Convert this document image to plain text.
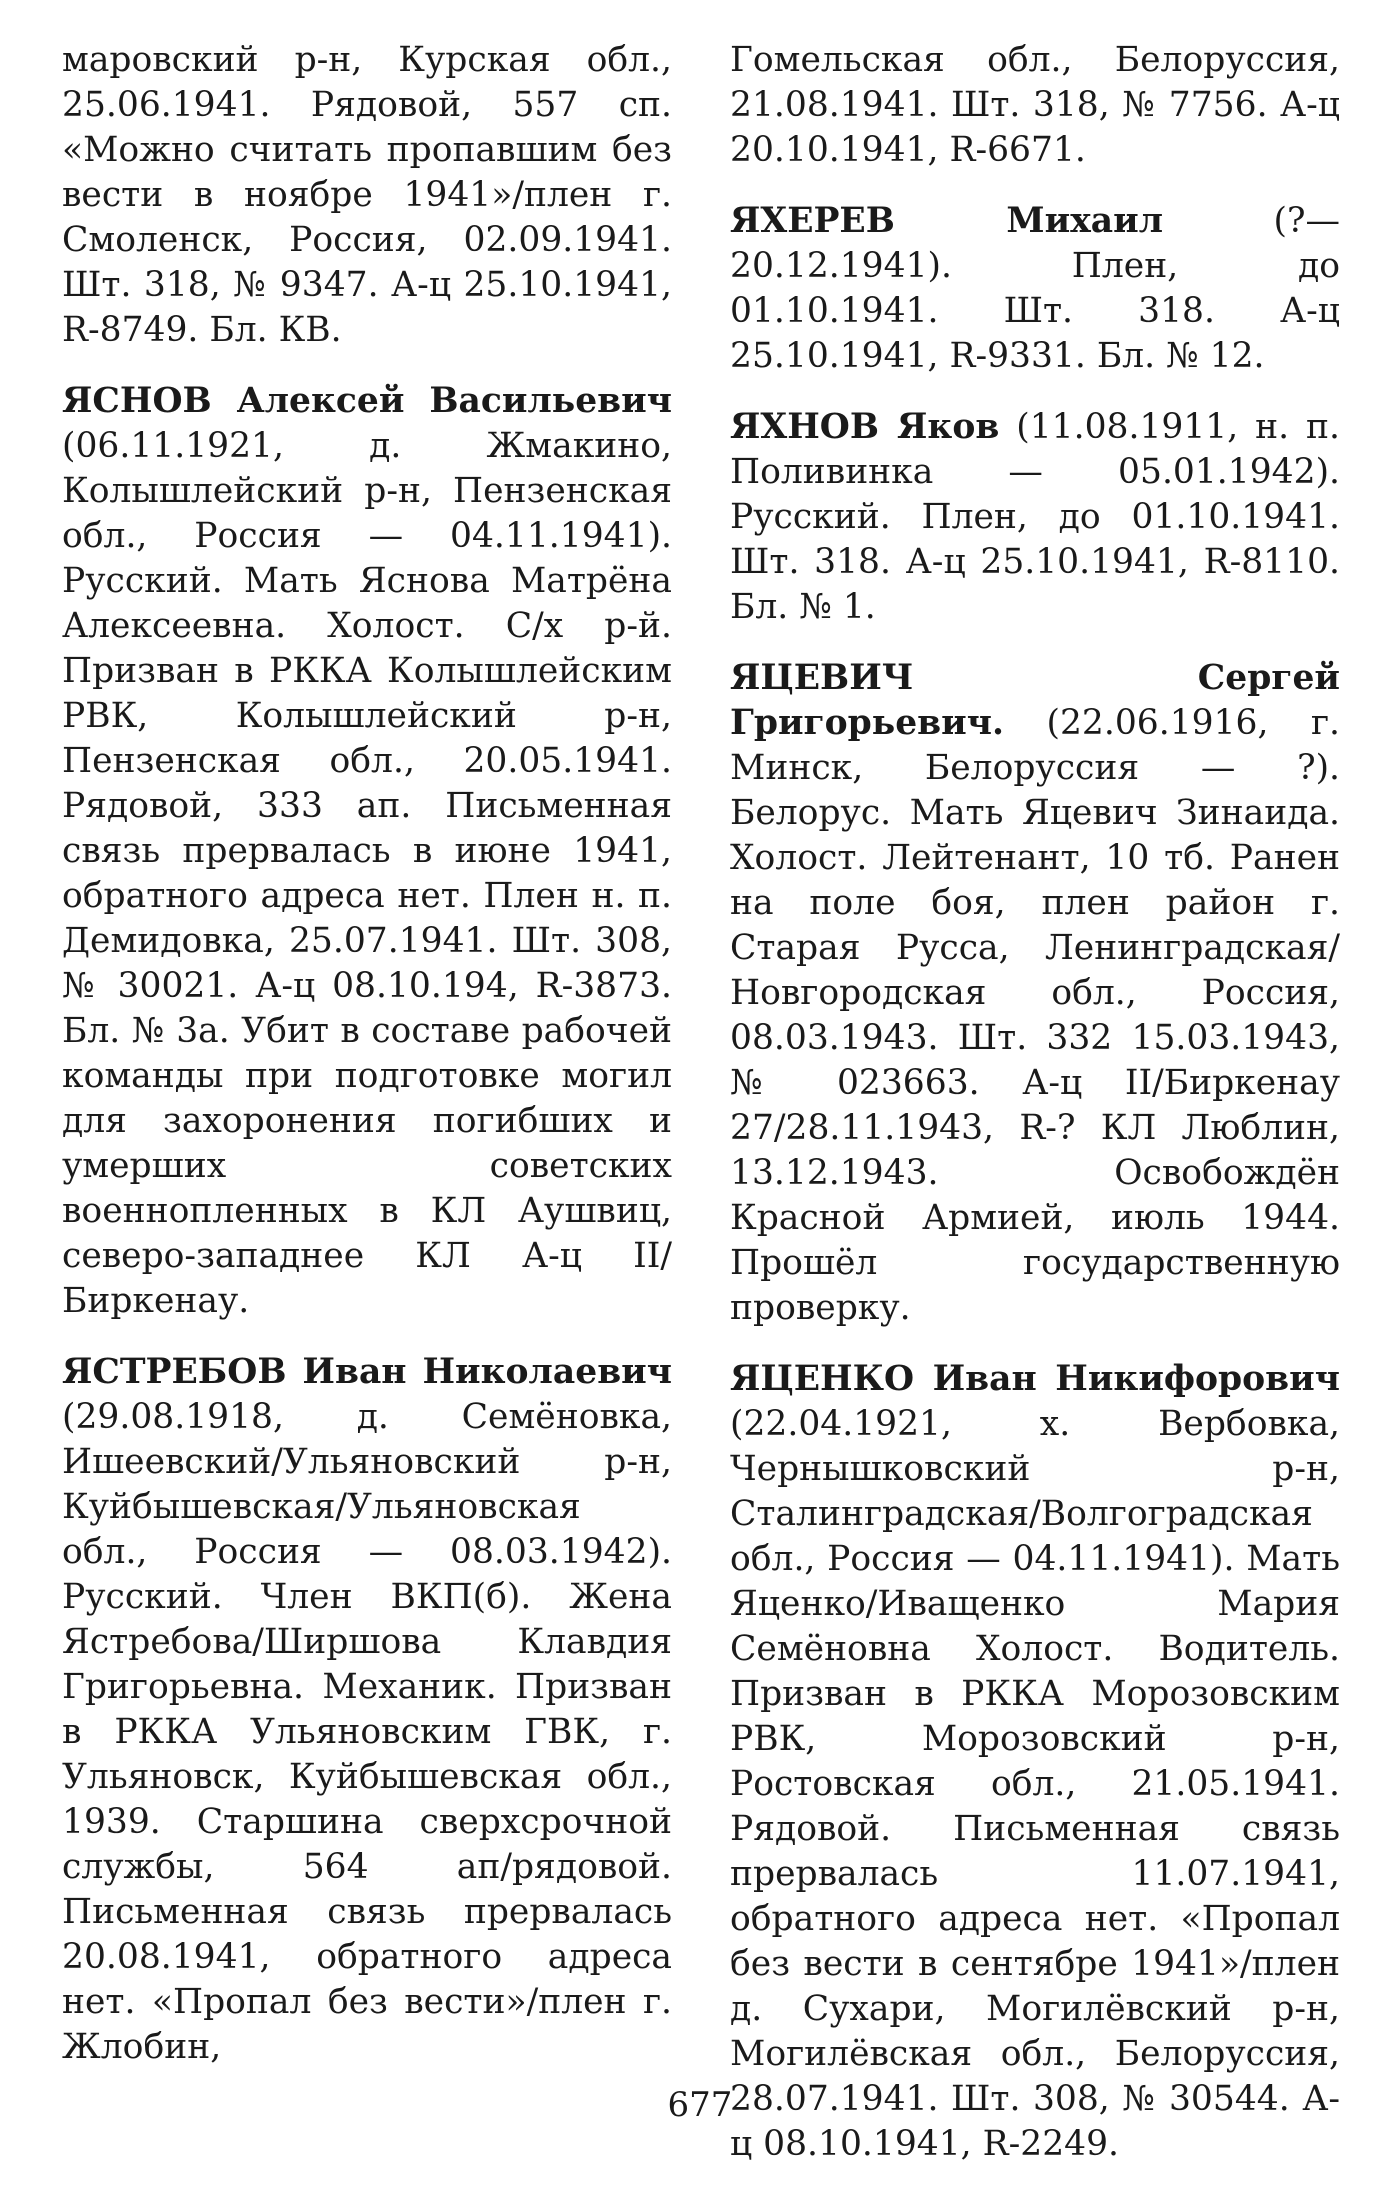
маровский р-н, Курская обл., 25.06.1941. Рядовой, 557 сп. «Можно считать пропавшим без вести в ноябре 1941»/плен г. Смоленск, Россия, 02.09.1941. Шт. 318, № 9347. А-ц 25.10.1941, R-8749. Бл. КВ.

ЯСНОВ Алексей Васильевич (06.11.1921, д. Жмакино, Колышлейский р-н, Пензенская обл., Россия — 04.11.1941). Русский. Мать Яснова Матрёна Алексеевна. Холост. С/х р-й. Призван в РККА Колышлейским РВК, Колышлейский р-н, Пензенская обл., 20.05.1941. Рядовой, 333 ап. Письменная связь прервалась в июне 1941, обратного адреса нет. Плен н. п. Демидовка, 25.07.1941. Шт. 308, № 30021. А-ц 08.10.194, R-3873. Бл. № 3а. Убит в составе рабочей команды при подготовке могил для захоронения погибших и умерших советских военнопленных в КЛ Аушвиц, северо-западнее КЛ А-ц II/Биркенау.

ЯСТРЕБОВ Иван Николаевич (29.08.1918, д. Семёновка, Ишеевский/Ульяновский р-н, Куйбышевская/Ульяновская обл., Россия — 08.03.1942). Русский. Член ВКП(б). Жена Ястребова/Ширшова Клавдия Григорьевна. Механик. Призван в РККА Ульяновским ГВК, г. Ульяновск, Куйбышевская обл., 1939. Старшина сверхсрочной службы, 564 ап/рядовой. Письменная связь прервалась 20.08.1941, обратного адреса нет. «Пропал без вести»/плен г. Жлобин,

Гомельская обл., Белоруссия, 21.08.1941. Шт. 318, № 7756. А-ц 20.10.1941, R-6671.

ЯХЕРЕВ Михаил (?—20.12.1941). Плен, до 01.10.1941. Шт. 318. А-ц 25.10.1941, R-9331. Бл. № 12.

ЯХНОВ Яков (11.08.1911, н. п. Поливинка — 05.01.1942). Русский. Плен, до 01.10.1941. Шт. 318. А-ц 25.10.1941, R-8110. Бл. № 1.

ЯЦЕВИЧ Сергей Григорьевич. (22.06.1916, г. Минск, Белоруссия — ?). Белорус. Мать Яцевич Зинаида. Холост. Лейтенант, 10 тб. Ранен на поле боя, плен район г. Старая Русса, Ленинградская/Новгородская обл., Россия, 08.03.1943. Шт. 332 15.03.1943, № 023663. А-ц II/Биркенау 27/28.11.1943, R-? КЛ Люблин, 13.12.1943. Освобождён Красной Армией, июль 1944. Прошёл государственную проверку.

ЯЦЕНКО Иван Никифорович (22.04.1921, х. Вербовка, Чернышковский р-н, Сталинградская/Волгоградская обл., Россия — 04.11.1941). Мать Яценко/Иващенко Мария Семёновна Холост. Водитель. Призван в РККА Морозовским РВК, Морозовский р-н, Ростовская обл., 21.05.1941. Рядовой. Письменная связь прервалась 11.07.1941, обратного адреса нет. «Пропал без вести в сентябре 1941»/плен д. Сухари, Могилёвский р-н, Могилёвская обл., Белоруссия, 28.07.1941. Шт. 308, № 30544. А-ц 08.10.1941, R-2249.

677
